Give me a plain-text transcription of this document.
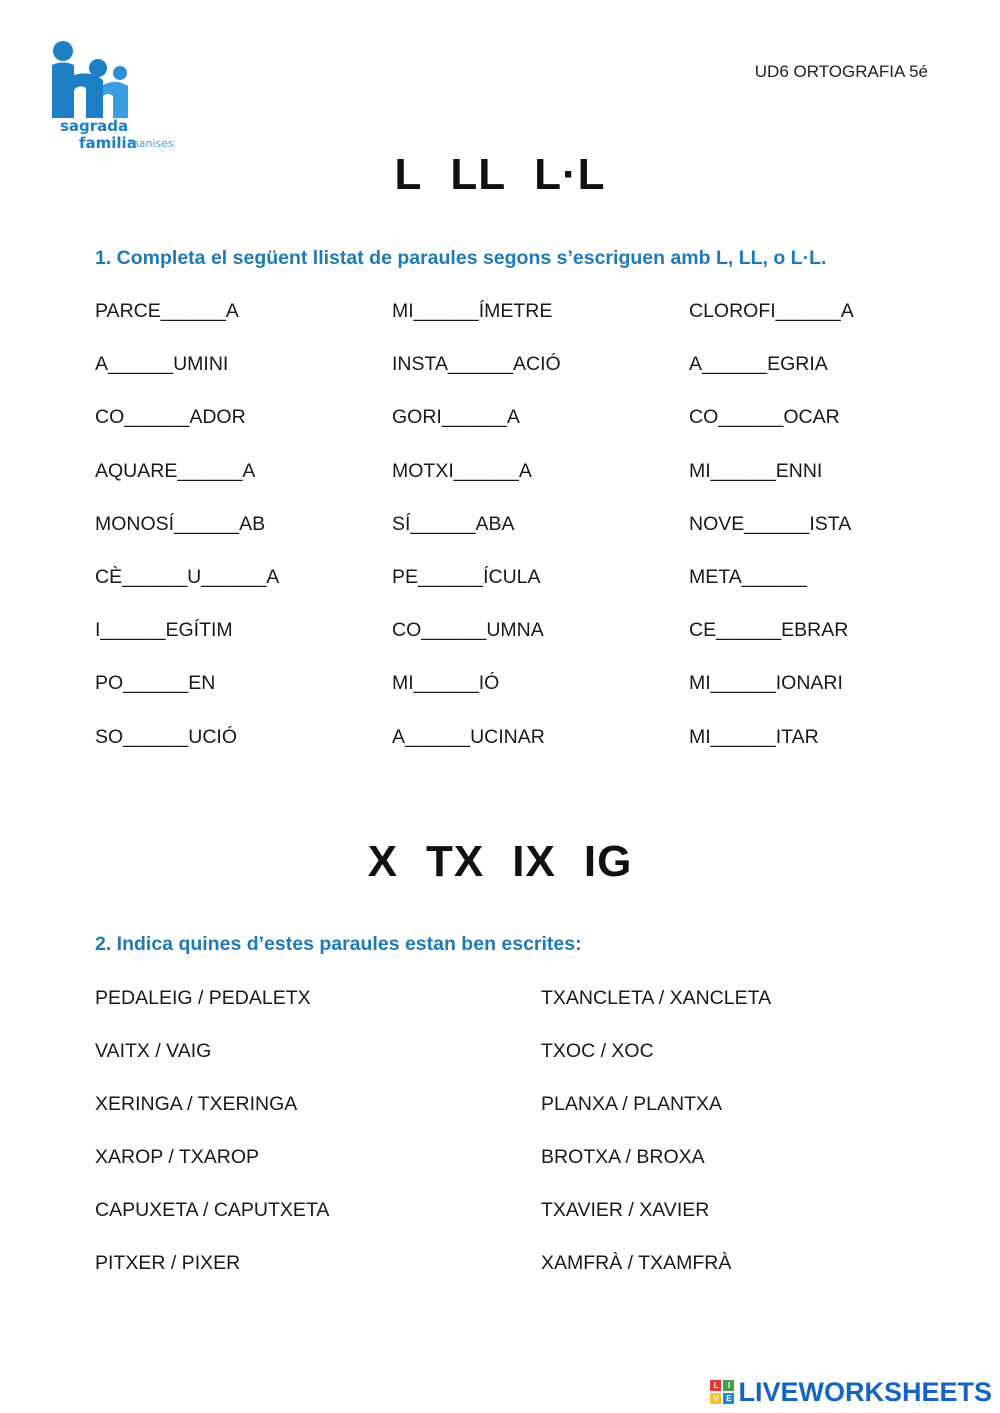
sagrada
familia
manises
UD6 ORTOGRAFIA 5é
L LL L·L
1. Completa el següent llistat de paraules segons s’escriguen amb L, LL, o L·L.
PARCE______A	MI______ÍMETRE	CLOROFI______A
A______UMINI	INSTA______ACIÓ	A______EGRIA
CO______ADOR	GORI______A	CO______OCAR
AQUARE______A	MOTXI______A	MI______ENNI
MONOSÍ______AB	SÍ______ABA	NOVE______ISTA
CÈ______U______A	PE______ÍCULA	META______
I______EGÍTIM	CO______UMNA	CE______EBRAR
PO______EN	MI______IÓ	MI______IONARI
SO______UCIÓ	A______UCINAR	MI______ITAR
X TX IX IG
2. Indica quines d’estes paraules estan ben escrites:
PEDALEIG / PEDALETX	TXANCLETA / XANCLETA
VAITX / VAIG	TXOC / XOC
XERINGA / TXERINGA	PLANXA / PLANTXA
XAROP / TXAROP	BROTXA / BROXA
CAPUXETA / CAPUTXETA	TXAVIER / XAVIER
PITXER / PIXER	XAMFRÀ / TXAMFRÀ
L	I
V E LIVEWORKSHEETS
